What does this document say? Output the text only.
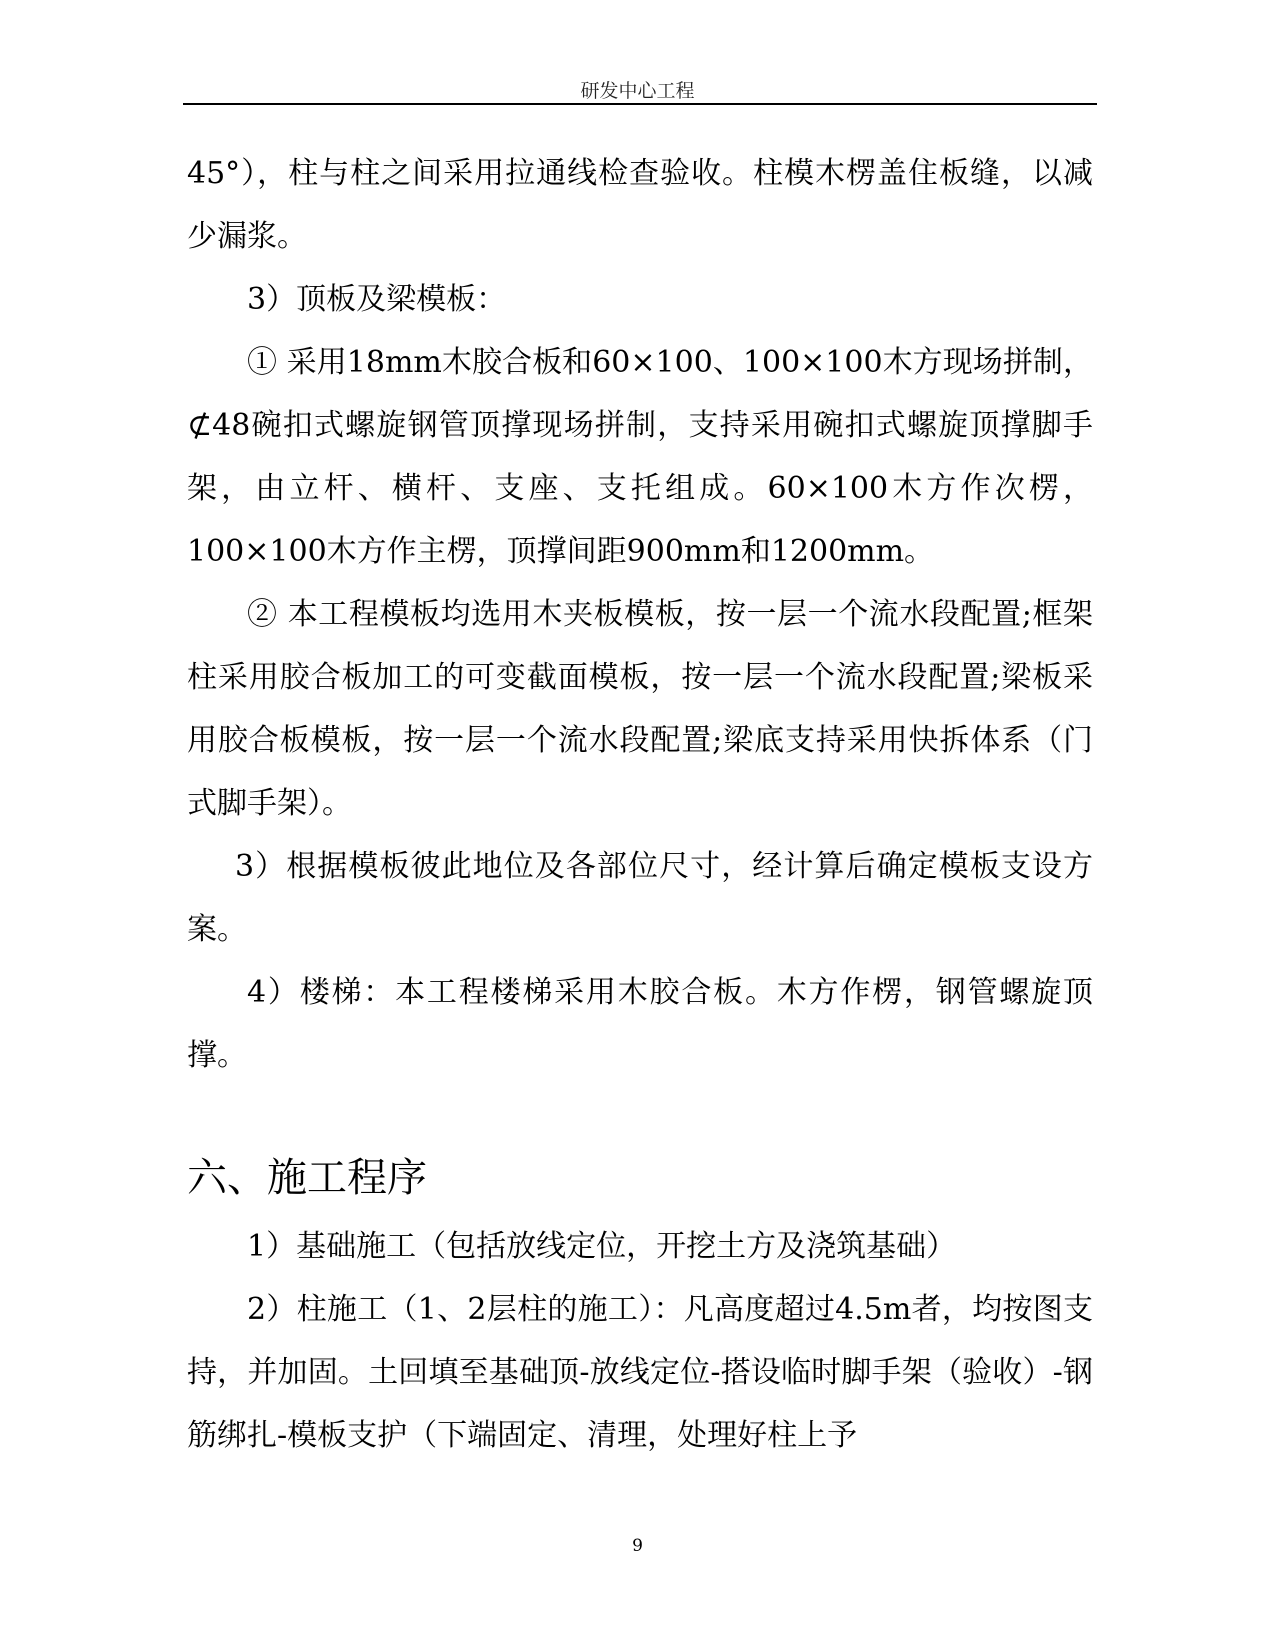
研发中心工程

45°），柱与柱之间采用拉通线检查验收。柱模木楞盖住板缝，以减少漏浆。

3）顶板及梁模板：

① 采用18mm木胶合板和60×100、100×100木方现场拼制，⊄48碗扣式螺旋钢管顶撑现场拼制，支持采用碗扣式螺旋顶撑脚手架，由立杆、横杆、支座、支托组成。60×100木方作次楞，100×100木方作主楞，顶撑间距900mm和1200mm。

② 本工程模板均选用木夹板模板，按一层一个流水段配置;框架柱采用胶合板加工的可变截面模板，按一层一个流水段配置;梁板采用胶合板模板，按一层一个流水段配置;梁底支持采用快拆体系（门式脚手架）。

3）根据模板彼此地位及各部位尺寸，经计算后确定模板支设方案。

4）楼梯：本工程楼梯采用木胶合板。木方作楞，钢管螺旋顶撑。

六、施工程序

1）基础施工（包括放线定位，开挖土方及浇筑基础）

2）柱施工（1、2层柱的施工）：凡高度超过4.5m者，均按图支持，并加固。土回填至基础顶-放线定位-搭设临时脚手架（验收）-钢筋绑扎-模板支护（下端固定、清理，处理好柱上予

9
